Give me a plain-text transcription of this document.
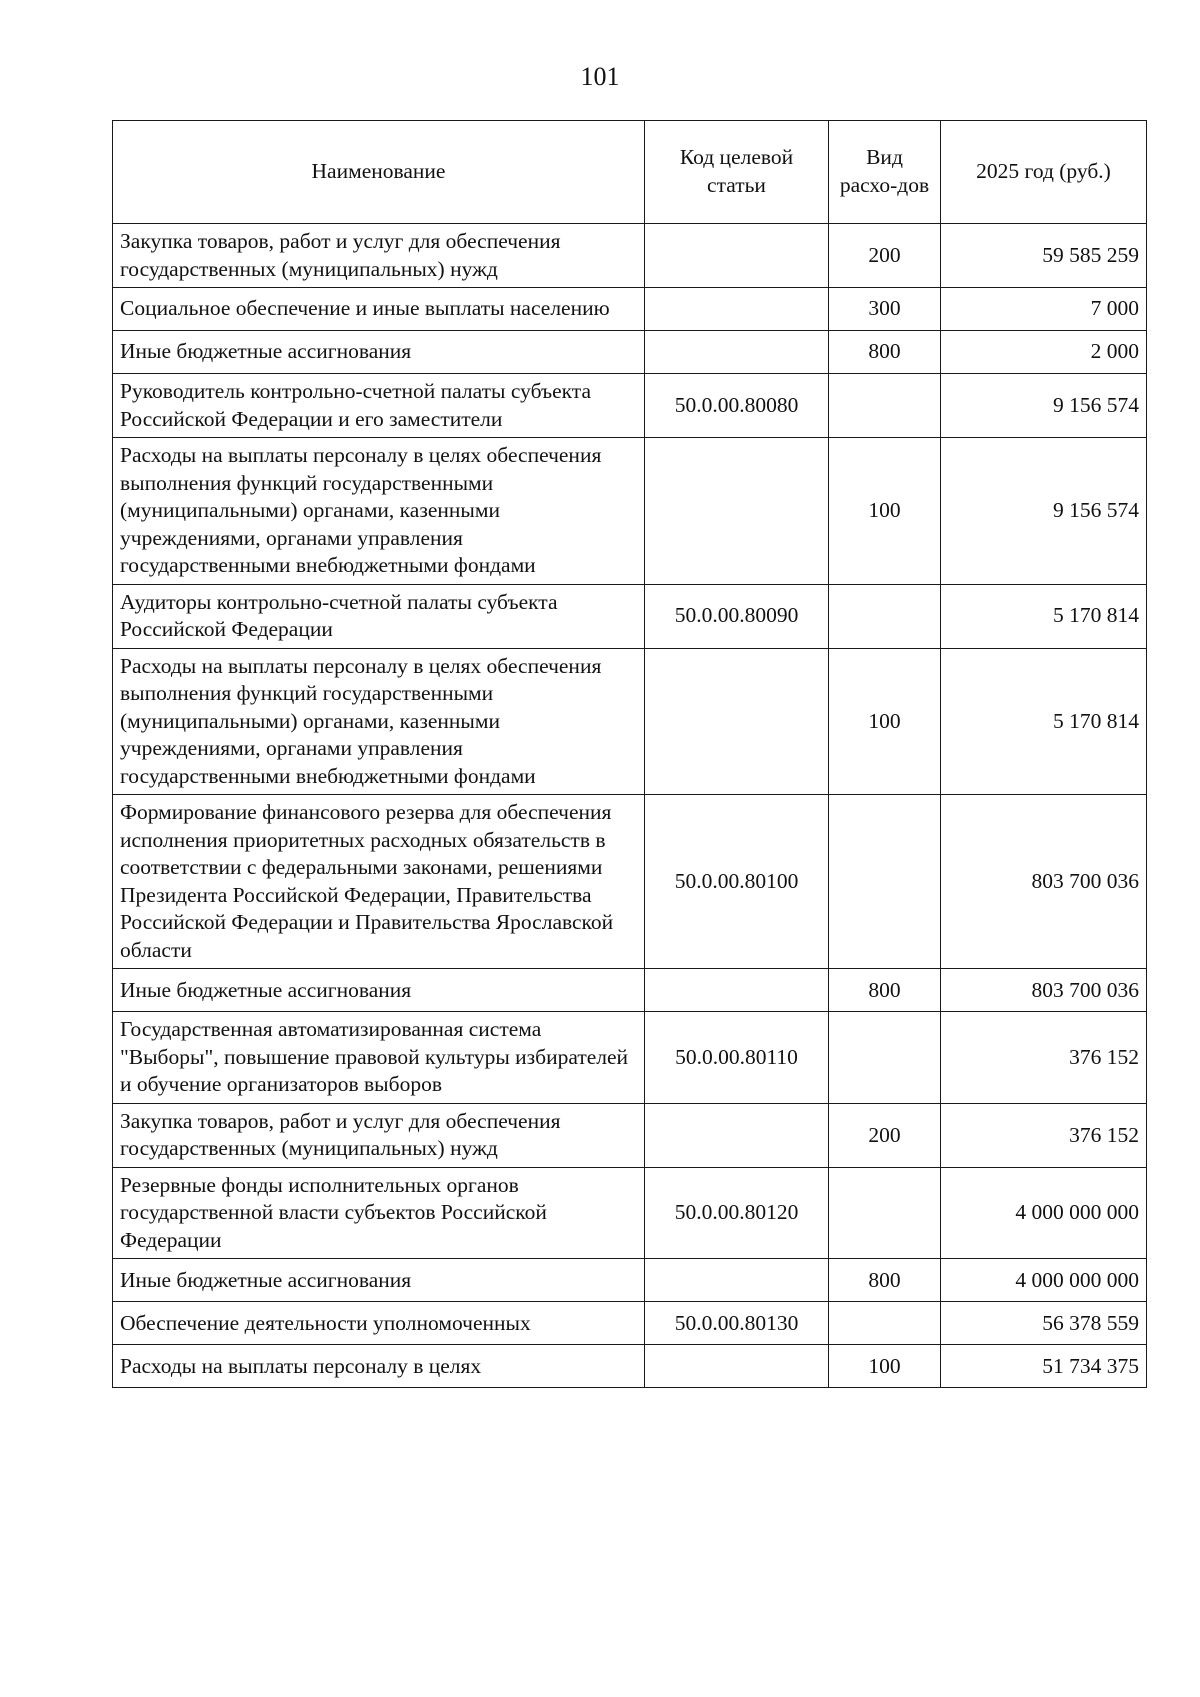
101
Наименование	Код целевой статьи	Вид расхо-дов	2025 год (руб.)
Закупка товаров, работ и услуг для обеспечения государственных (муниципальных) нужд		200	59 585 259
Социальное обеспечение и иные выплаты населению		300	7 000
Иные бюджетные ассигнования		800	2 000
Руководитель контрольно-счетной палаты субъекта Российской Федерации и его заместители	50.0.00.80080		9 156 574
Расходы на выплаты персоналу в целях обеспечения выполнения функций государственными (муниципальными) органами, казенными учреждениями, органами управления государственными внебюджетными фондами		100	9 156 574
Аудиторы контрольно-счетной палаты субъекта Российской Федерации	50.0.00.80090		5 170 814
Расходы на выплаты персоналу в целях обеспечения выполнения функций государственными (муниципальными) органами, казенными учреждениями, органами управления государственными внебюджетными фондами		100	5 170 814
Формирование финансового резерва для обеспечения исполнения приоритетных расходных обязательств в соответствии с федеральными законами, решениями Президента Российской Федерации, Правительства Российской Федерации и Правительства Ярославской области	50.0.00.80100		803 700 036
Иные бюджетные ассигнования		800	803 700 036
Государственная автоматизированная система "Выборы", повышение правовой культуры избирателей и обучение организаторов выборов	50.0.00.80110		376 152
Закупка товаров, работ и услуг для обеспечения государственных (муниципальных) нужд		200	376 152
Резервные фонды исполнительных органов государственной власти субъектов Российской Федерации	50.0.00.80120		4 000 000 000
Иные бюджетные ассигнования		800	4 000 000 000
Обеспечение деятельности уполномоченных	50.0.00.80130		56 378 559
Расходы на выплаты персоналу в целях		100	51 734 375
